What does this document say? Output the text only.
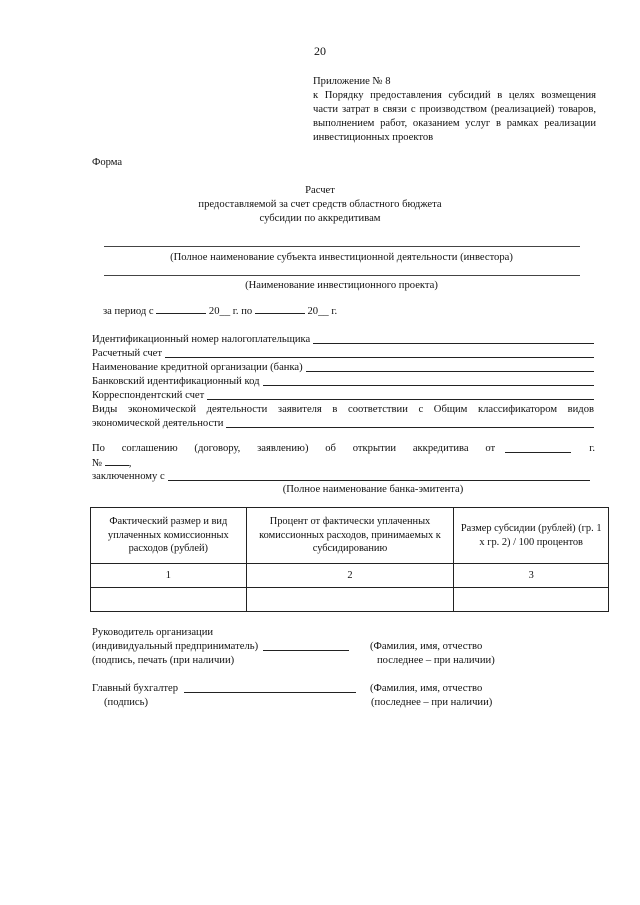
20
Приложение № 8
к Порядку предоставления субсидий в целях возмещения части затрат в связи с производством (реализацией) товаров, выполнением работ, оказанием услуг в рамках реализации инвестиционных проектов
Форма
Расчет
предоставляемой за счет средств областного бюджета
субсидии по аккредитивам
(Полное наименование субъекта инвестиционной деятельности (инвестора)
(Наименование инвестиционного проекта)
за период с	20__ г. по	20__ г.
Идентификационный номер налогоплательщика
Расчетный счет
Наименование кредитной организации (банка)
Банковский идентификационный код
Корреспондентский счет
Виды экономической деятельности заявителя в соответствии с Общим классификатором видов
экономической деятельности
По соглашению (договору, заявлению) об открытии аккредитива от	г.
№	,
заключенному с
(Полное наименование банка-эмитента)
Фактический размер и вид уплаченных комиссионных расходов (рублей)	Процент от фактически уплаченных комиссионных расходов, принимаемых к субсидированию	Размер субсидии (рублей) (гр. 1 x гр. 2) / 100 процентов
1	2	3

Руководитель организации
(индивидуальный предприниматель)
(подпись, печать (при наличии)
(Фамилия, имя, отчество
последнее – при наличии)
Главный бухгалтер
(подпись)
(Фамилия, имя, отчество
(последнее – при наличии)
